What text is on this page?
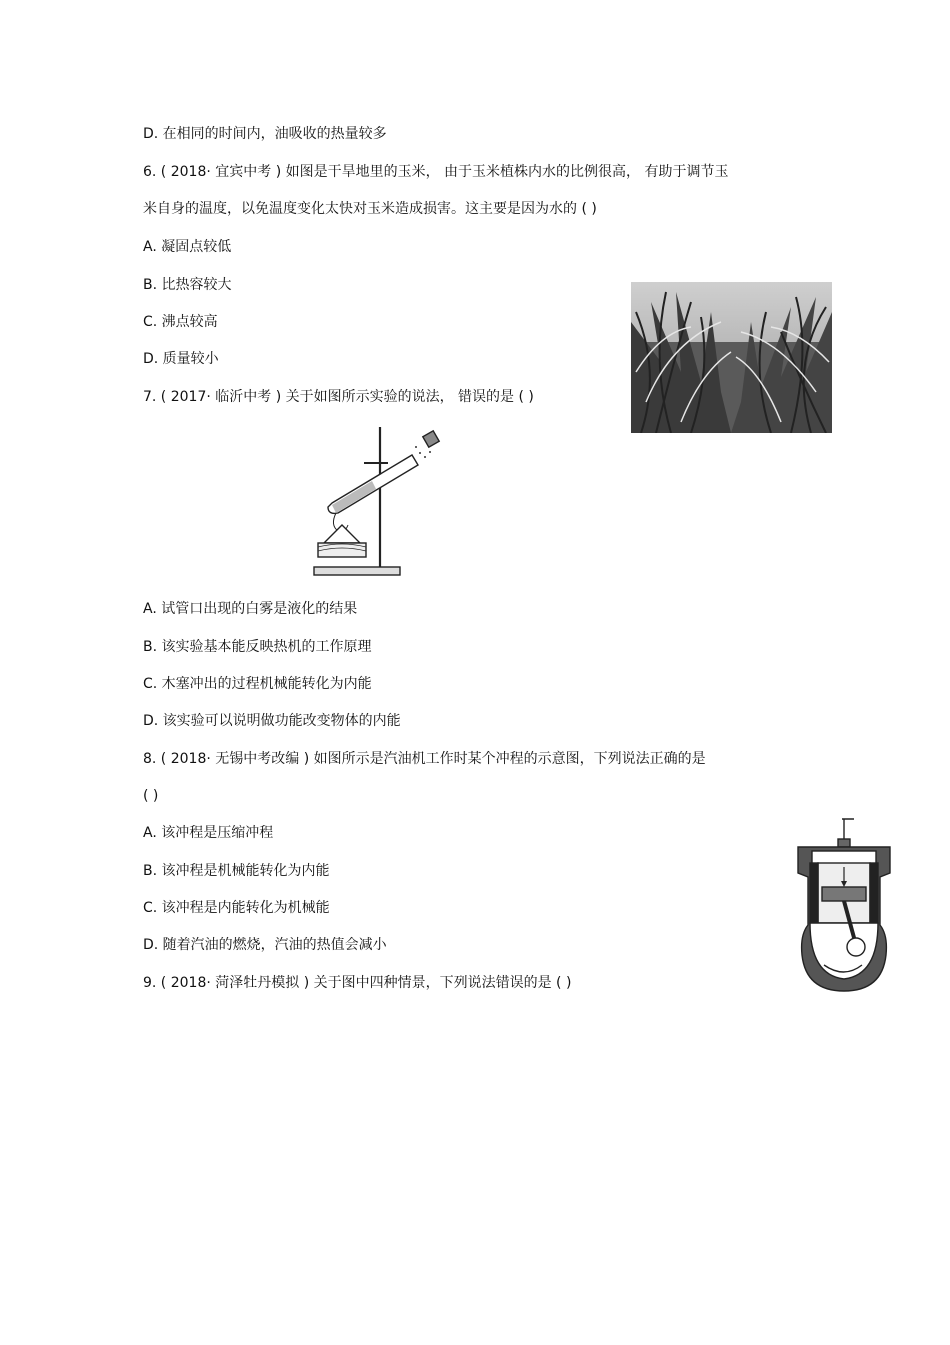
D. 在相同的时间内，油吸收的热量较多
6. ( 2018· 宜宾中考 ) 如图是干旱地里的玉米， 由于玉米植株内水的比例很高， 有助于调节玉
米自身的温度，以免温度变化太快对玉米造成损害。这主要是因为水的 ( )
A. 凝固点较低
B. 比热容较大
C. 沸点较高
D. 质量较小
7. ( 2017· 临沂中考 ) 关于如图所示实验的说法， 错误的是 ( )
A. 试管口出现的白雾是液化的结果
B. 该实验基本能反映热机的工作原理
C. 木塞冲出的过程机械能转化为内能
D. 该实验可以说明做功能改变物体的内能
8. ( 2018· 无锡中考改编 ) 如图所示是汽油机工作时某个冲程的示意图，下列说法正确的是
( )
A. 该冲程是压缩冲程
B. 该冲程是机械能转化为内能
C. 该冲程是内能转化为机械能
D. 随着汽油的燃烧，汽油的热值会减小
9. ( 2018· 菏泽牡丹模拟 ) 关于图中四种情景，下列说法错误的是 ( )
